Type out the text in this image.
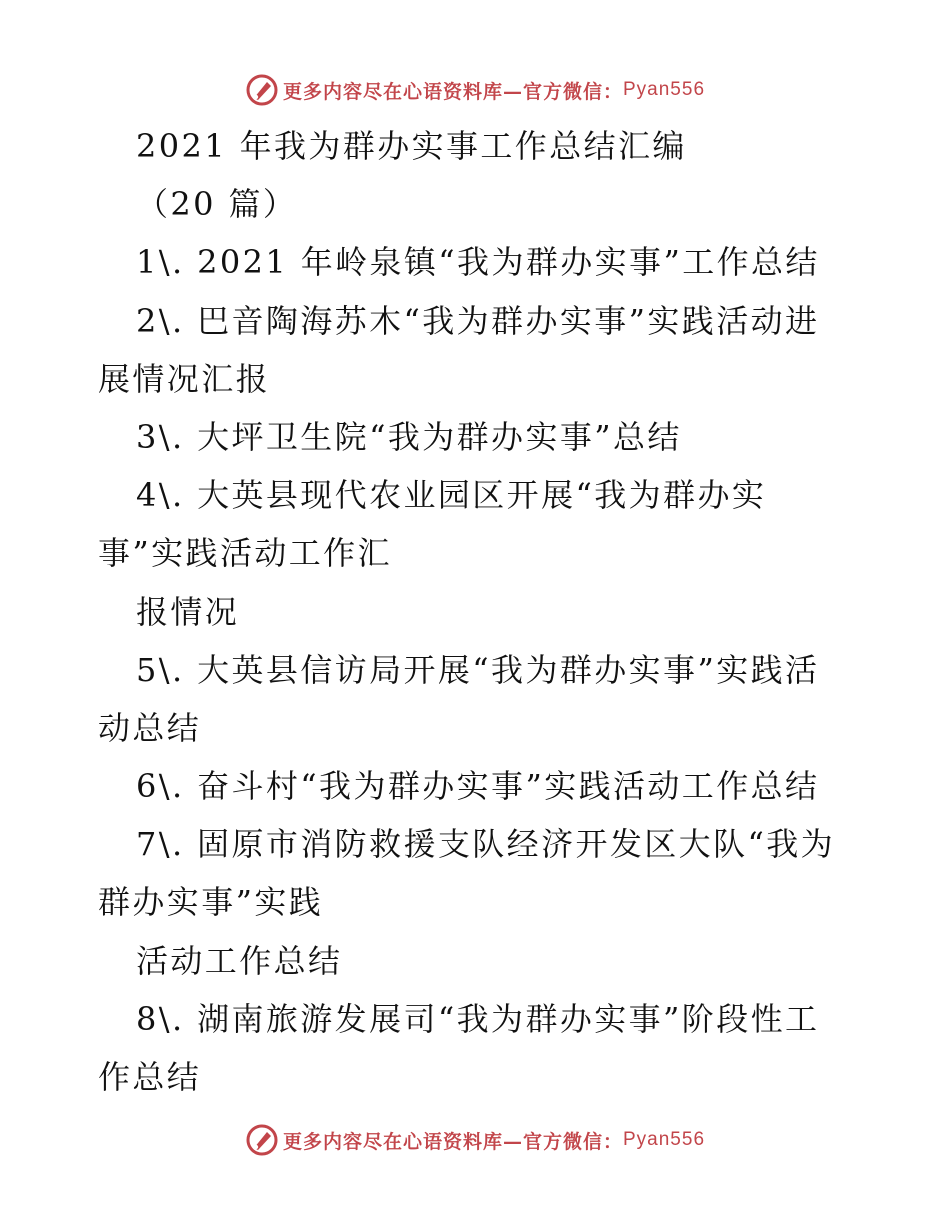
更多内容尽在心语资料库—官方微信： Pyan556
2021 年我为群办实事工作总结汇编
（20 篇）
1\. 2021 年岭泉镇“我为群办实事”工作总结
2\. 巴音陶海苏木“我为群办实事”实践活动进
展情况汇报
3\. 大坪卫生院“我为群办实事”总结
4\. 大英县现代农业园区开展“我为群办实
事”实践活动工作汇
报情况
5\. 大英县信访局开展“我为群办实事”实践活
动总结
6\. 奋斗村“我为群办实事”实践活动工作总结
7\. 固原市消防救援支队经济开发区大队“我为
群办实事”实践
活动工作总结
8\. 湖南旅游发展司“我为群办实事”阶段性工
作总结
更多内容尽在心语资料库—官方微信： Pyan556
